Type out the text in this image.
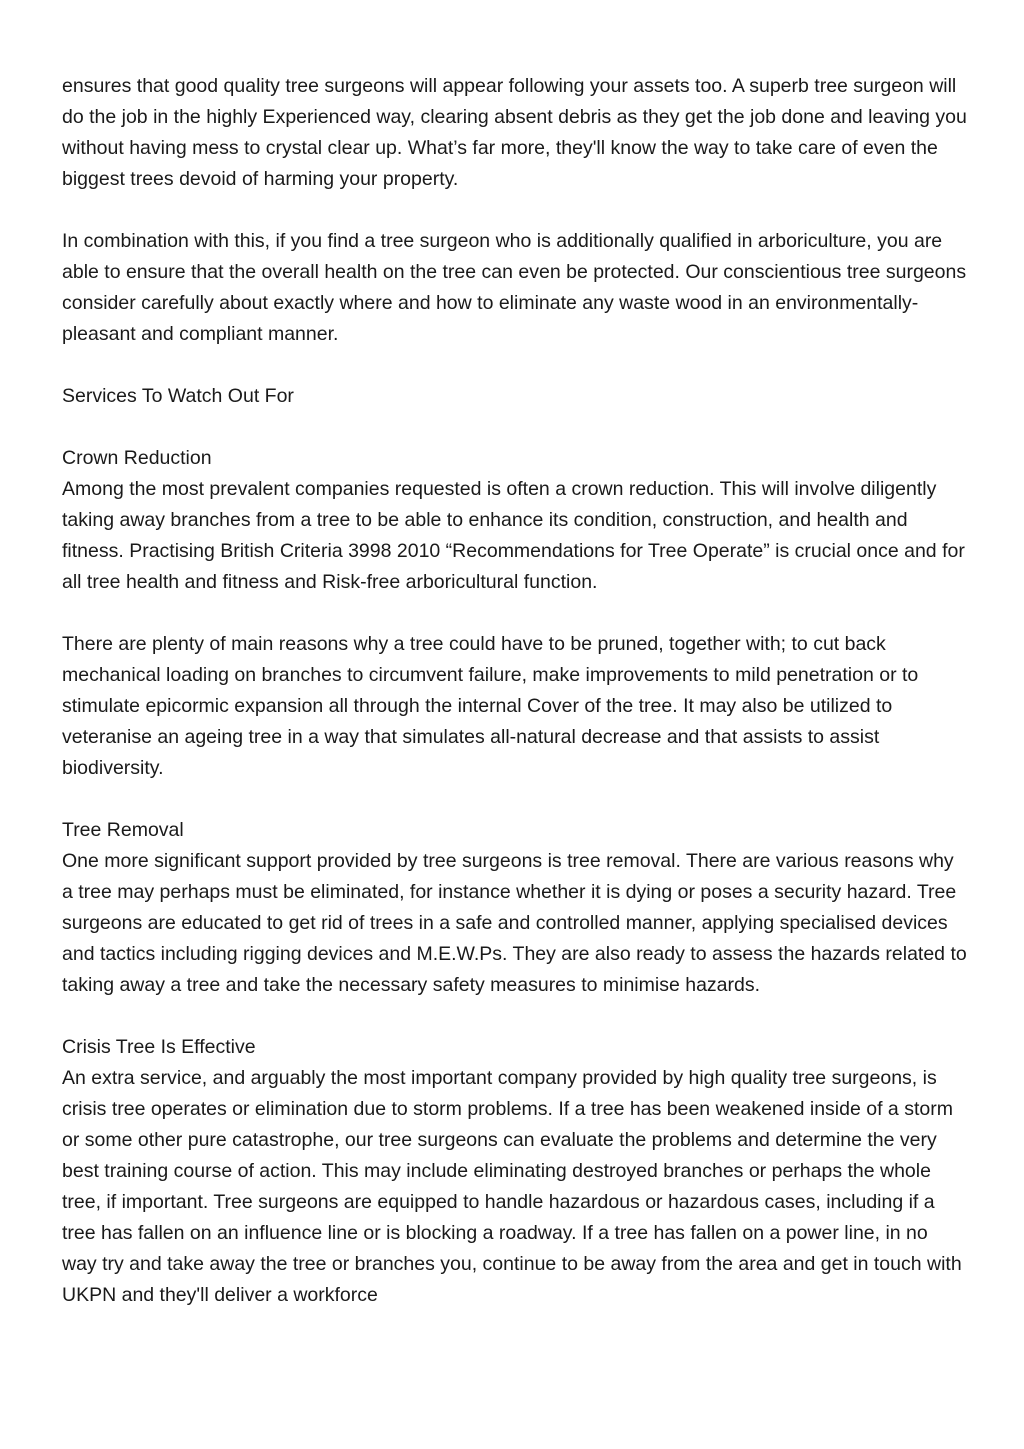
ensures that good quality tree surgeons will appear following your assets too. A superb tree surgeon will do the job in the highly Experienced way, clearing absent debris as they get the job done and leaving you without having mess to crystal clear up. What’s far more, they'll know the way to take care of even the biggest trees devoid of harming your property.

In combination with this, if you find a tree surgeon who is additionally qualified in arboriculture, you are able to ensure that the overall health on the tree can even be protected. Our conscientious tree surgeons consider carefully about exactly where and how to eliminate any waste wood in an environmentally-pleasant and compliant manner.

Services To Watch Out For

Crown Reduction

Among the most prevalent companies requested is often a crown reduction. This will involve diligently taking away branches from a tree to be able to enhance its condition, construction, and health and fitness. Practising British Criteria 3998 2010 “Recommendations for Tree Operate” is crucial once and for all tree health and fitness and Risk-free arboricultural function.

There are plenty of main reasons why a tree could have to be pruned, together with; to cut back mechanical loading on branches to circumvent failure, make improvements to mild penetration or to stimulate epicormic expansion all through the internal Cover of the tree. It may also be utilized to veteranise an ageing tree in a way that simulates all-natural decrease and that assists to assist biodiversity.

Tree Removal

One more significant support provided by tree surgeons is tree removal. There are various reasons why a tree may perhaps must be eliminated, for instance whether it is dying or poses a security hazard. Tree surgeons are educated to get rid of trees in a safe and controlled manner, applying specialised devices and tactics including rigging devices and M.E.W.Ps. They are also ready to assess the hazards related to taking away a tree and take the necessary safety measures to minimise hazards.

Crisis Tree Is Effective

An extra service, and arguably the most important company provided by high quality tree surgeons, is crisis tree operates or elimination due to storm problems. If a tree has been weakened inside of a storm or some other pure catastrophe, our tree surgeons can evaluate the problems and determine the very best training course of action. This may include eliminating destroyed branches or perhaps the whole tree, if important. Tree surgeons are equipped to handle hazardous or hazardous cases, including if a tree has fallen on an influence line or is blocking a roadway. If a tree has fallen on a power line, in no way try and take away the tree or branches you, continue to be away from the area and get in touch with UKPN and they'll deliver a workforce
